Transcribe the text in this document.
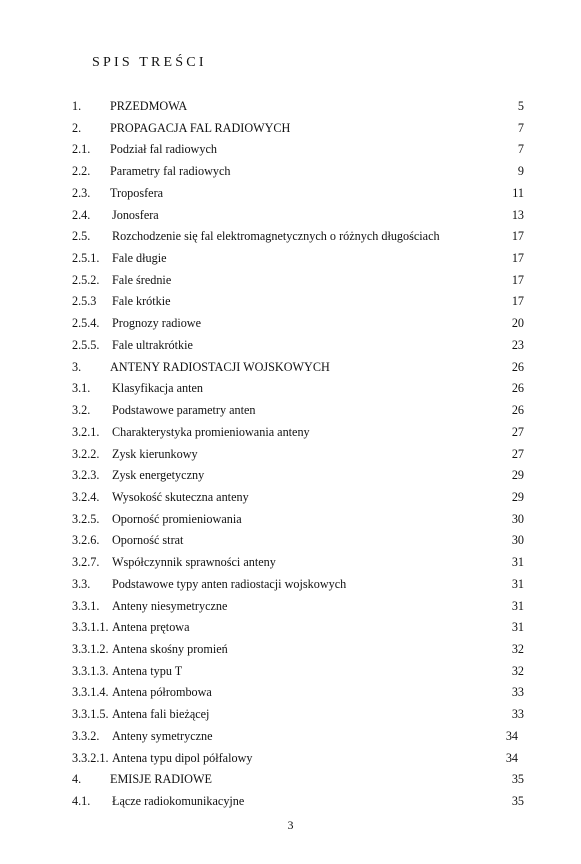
SPIS TREŚCI
1. PRZEDMOWA	5
2. PROPAGACJA FAL RADIOWYCH	7
2.1. Podział fal radiowych	7
2.2. Parametry fal radiowych	9
2.3. Troposfera	11
2.4. Jonosfera	13
2.5. Rozchodzenie się fal elektromagnetycznych o różnych długościach	17
2.5.1. Fale długie	17
2.5.2. Fale średnie	17
2.5.3 Fale krótkie	17
2.5.4. Prognozy radiowe	20
2.5.5. Fale ultrakrótkie	23
3. ANTENY RADIOSTACJI WOJSKOWYCH	26
3.1. Klasyfikacja anten	26
3.2. Podstawowe parametry anten	26
3.2.1. Charakterystyka promieniowania anteny	27
3.2.2. Zysk kierunkowy	27
3.2.3. Zysk energetyczny	29
3.2.4. Wysokość skuteczna anteny	29
3.2.5. Oporność promieniowania	30
3.2.6. Oporność strat	30
3.2.7. Współczynnik sprawności anteny	31
3.3. Podstawowe typy anten radiostacji wojskowych	31
3.3.1. Anteny niesymetryczne	31
3.3.1.1. Antena prętowa	31
3.3.1.2. Antena skośny promień	32
3.3.1.3. Antena typu T	32
3.3.1.4. Antena półrombowa	33
3.3.1.5. Antena fali bieżącej	33
3.3.2. Anteny symetryczne	34
3.3.2.1. Antena typu dipol półfalowy	34
4. EMISJE RADIOWE	35
4.1. Łącze radiokomunikacyjne	35
3
